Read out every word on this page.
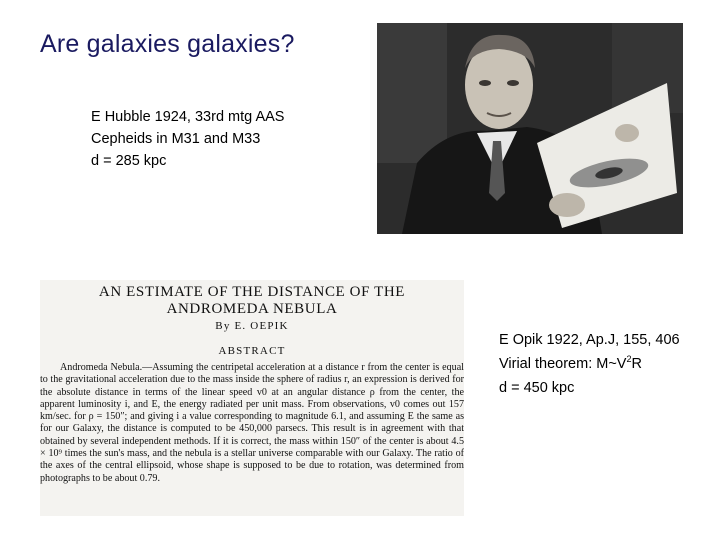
Are galaxies galaxies?
E Hubble 1924, 33rd mtg AAS
Cepheids in M31 and M33
d = 285 kpc
AN ESTIMATE OF THE DISTANCE OF THE
ANDROMEDA NEBULA
By E. OEPIK
ABSTRACT

Andromeda Nebula.—Assuming the centripetal acceleration at a distance r from the center is equal to the gravitational acceleration due to the mass inside the sphere of radius r, an expression is derived for the absolute distance in terms of the linear speed v0 at an angular distance ρ from the center, the apparent luminosity i, and E, the energy radiated per unit mass. From observations, v0 comes out 157 km/sec. for ρ = 150″; and giving i a value corresponding to magnitude 6.1, and assuming E the same as for our Galaxy, the distance is computed to be 450,000 parsecs. This result is in agreement with that obtained by several independent methods. If it is correct, the mass within 150″ of the center is about 4.5 × 10⁹ times the sun's mass, and the nebula is a stellar universe comparable with our Galaxy. The ratio of the axes of the central ellipsoid, whose shape is supposed to be due to rotation, was determined from photographs to be about 0.79.

E Opik 1922, Ap.J, 155, 406
Virial theorem: $M\sim V^2R$
d = 450 kpc
